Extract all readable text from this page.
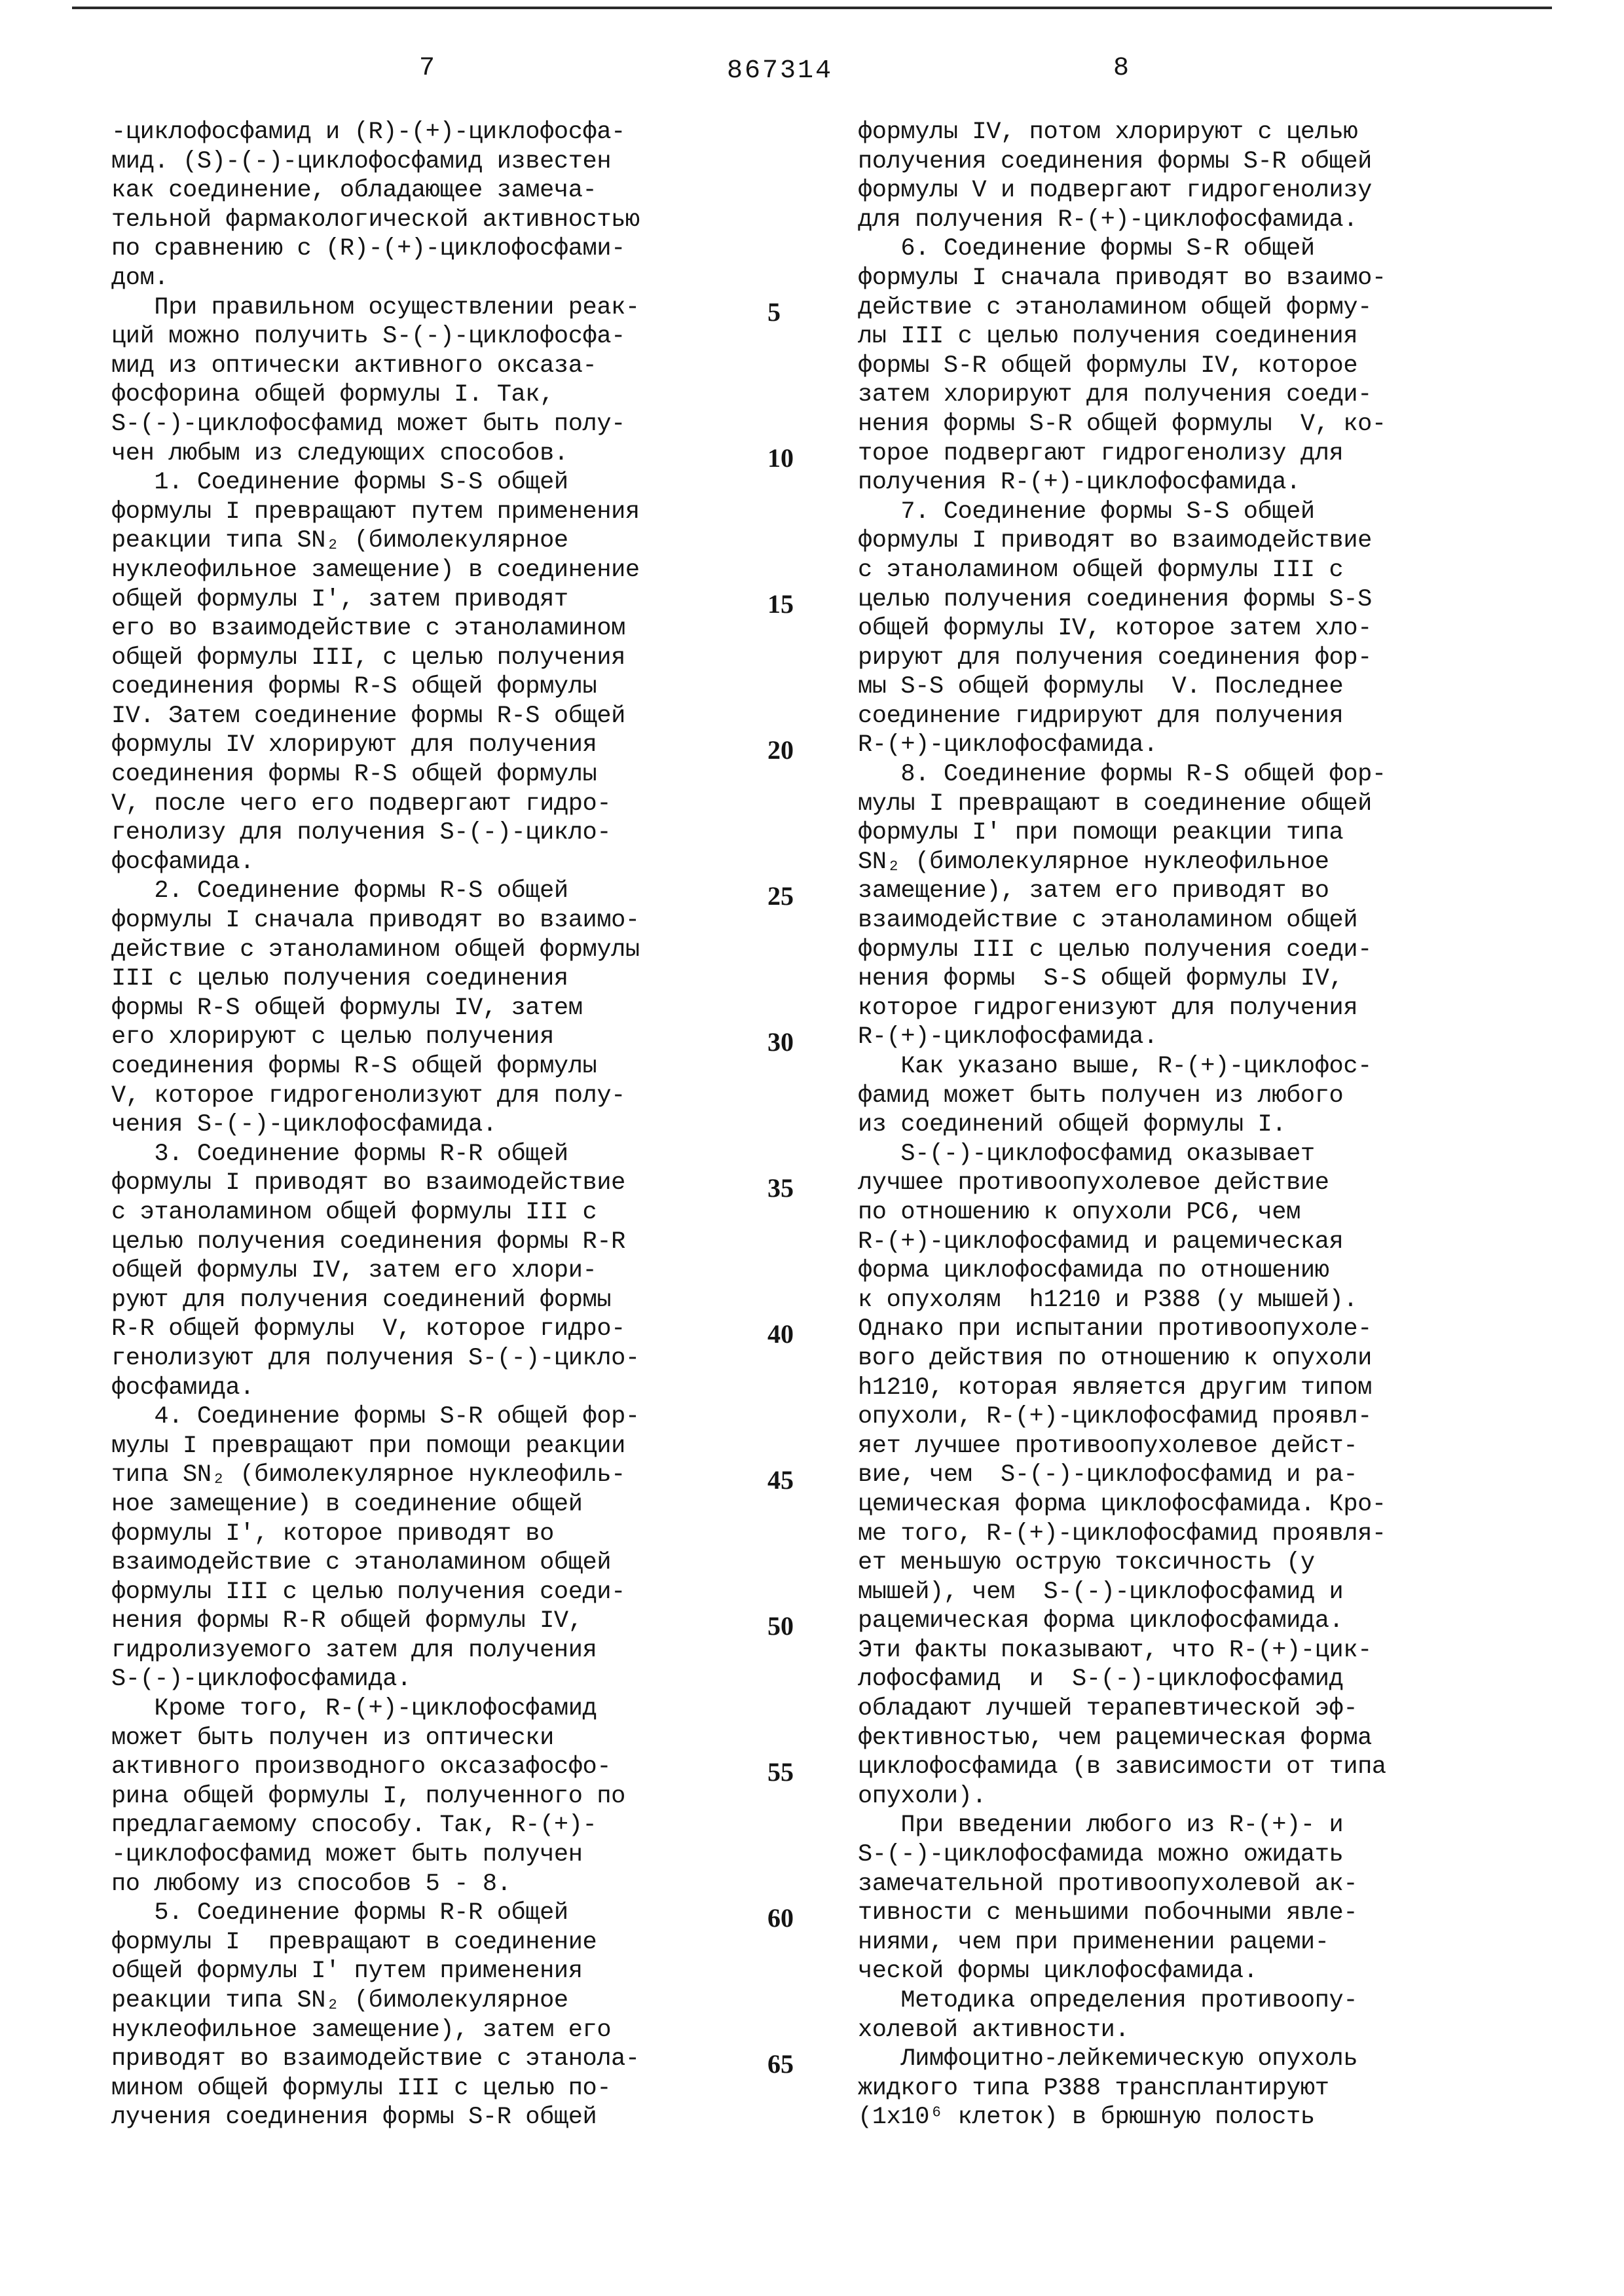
7	867314	8
-циклофосфамид и (R)-(+)-циклофосфа-
мид. (S)-(-)-циклофосфамид известен
как соединение, обладающее замеча-
тельной фармакологической активностью
по сравнению с (R)-(+)-циклофосфами-
дом.
При правильном осуществлении реак-
ций можно получить S-(-)-циклофосфа-
мид из оптически активного оксаза-
фосфорина общей формулы I. Так,
S-(-)-циклофосфамид может быть полу-
чен любым из следующих способов.
1. Соединение формы S-S общей
формулы I превращают путем применения
реакции типа SN₂ (бимолекулярное
нуклеофильное замещение) в соединение
общей формулы I', затем приводят
его во взаимодействие с этаноламином
общей формулы III, с целью получения
соединения формы R-S общей формулы
IV. Затем соединение формы R-S общей
формулы IV хлорируют для получения
соединения формы R-S общей формулы
V, после чего его подвергают гидро-
генолизу для получения S-(-)-цикло-
фосфамида.
2. Соединение формы R-S общей
формулы I сначала приводят во взаимо-
действие с этаноламином общей формулы
III с целью получения соединения
формы R-S общей формулы IV, затем
его хлорируют с целью получения
соединения формы R-S общей формулы
V, которое гидрогенолизуют для полу-
чения S-(-)-циклофосфамида.
3. Соединение формы R-R общей
формулы I приводят во взаимодействие
с этаноламином общей формулы III с
целью получения соединения формы R-R
общей формулы IV, затем его хлори-
руют для получения соединений формы
R-R общей формулы  V, которое гидро-
генолизуют для получения S-(-)-цикло-
фосфамида.
4. Соединение формы S-R общей фор-
мулы I превращают при помощи реакции
типа SN₂ (бимолекулярное нуклеофиль-
ное замещение) в соединение общей
формулы I', которое приводят во
взаимодействие с этаноламином общей
формулы III с целью получения соеди-
нения формы R-R общей формулы IV,
гидролизуемого затем для получения
S-(-)-циклофосфамида.
Кроме того, R-(+)-циклофосфамид
может быть получен из оптически
активного производного оксазафосфо-
рина общей формулы I, полученного по
предлагаемому способу. Так, R-(+)-
-циклофосфамид может быть получен
по любому из способов 5 - 8.
5. Соединение формы R-R общей
формулы I  превращают в соединение
общей формулы I' путем применения
реакции типа SN₂ (бимолекулярное
нуклеофильное замещение), затем его
приводят во взаимодействие с этанола-
мином общей формулы III с целью по-
лучения соединения формы S-R общей
формулы IV, потом хлорируют с целью
получения соединения формы S-R общей
формулы V и подвергают гидрогенолизу
для получения R-(+)-циклофосфамида.
6. Соединение формы S-R общей
формулы I сначала приводят во взаимо-
действие с этаноламином общей форму-
лы III с целью получения соединения
формы S-R общей формулы IV, которое
затем хлорируют для получения соеди-
нения формы S-R общей формулы  V, ко-
торое подвергают гидрогенолизу для
получения R-(+)-циклофосфамида.
7. Соединение формы S-S общей
формулы I приводят во взаимодействие
с этаноламином общей формулы III с
целью получения соединения формы S-S
общей формулы IV, которое затем хло-
рируют для получения соединения фор-
мы S-S общей формулы  V. Последнее
соединение гидрируют для получения
R-(+)-циклофосфамида.
8. Соединение формы R-S общей фор-
мулы I превращают в соединение общей
формулы I' при помощи реакции типа
SN₂ (бимолекулярное нуклеофильное
замещение), затем его приводят во
взаимодействие с этаноламином общей
формулы III с целью получения соеди-
нения формы  S-S общей формулы IV,
которое гидрогенизуют для получения
R-(+)-циклофосфамида.
Как указано выше, R-(+)-циклофос-
фамид может быть получен из любого
из соединений общей формулы I.
S-(-)-циклофосфамид оказывает
лучшее противоопухолевое действие
по отношению к опухоли PC6, чем
R-(+)-циклофосфамид и рацемическая
форма циклофосфамида по отношению
к опухолям  h1210 и P388 (у мышей).
Однако при испытании противоопухоле-
вого действия по отношению к опухоли
h1210, которая является другим типом
опухоли, R-(+)-циклофосфамид проявл-
яет лучшее противоопухолевое дейст-
вие, чем  S-(-)-циклофосфамид и ра-
цемическая форма циклофосфамида. Кро-
ме того, R-(+)-циклофосфамид проявля-
ет меньшую острую токсичность (у
мышей), чем  S-(-)-циклофосфамид и
рацемическая форма циклофосфамида.
Эти факты показывают, что R-(+)-цик-
лофосфамид  и  S-(-)-циклофосфамид
обладают лучшей терапевтической эф-
фективностью, чем рацемическая форма
циклофосфамида (в зависимости от типа
опухоли).
При введении любого из R-(+)- и
S-(-)-циклофосфамида можно ожидать
замечательной противоопухолевой ак-
тивности с меньшими побочными явле-
ниями, чем при применении рацеми-
ческой формы циклофосфамида.
Методика определения противоопу-
холевой активности.
Лимфоцитно-лейкемическую опухоль
жидкого типа P388 трансплантируют
(1x10⁶ клеток) в брюшную полость
5
10
15
20
25
30
35
40
45
50
55
60
65
